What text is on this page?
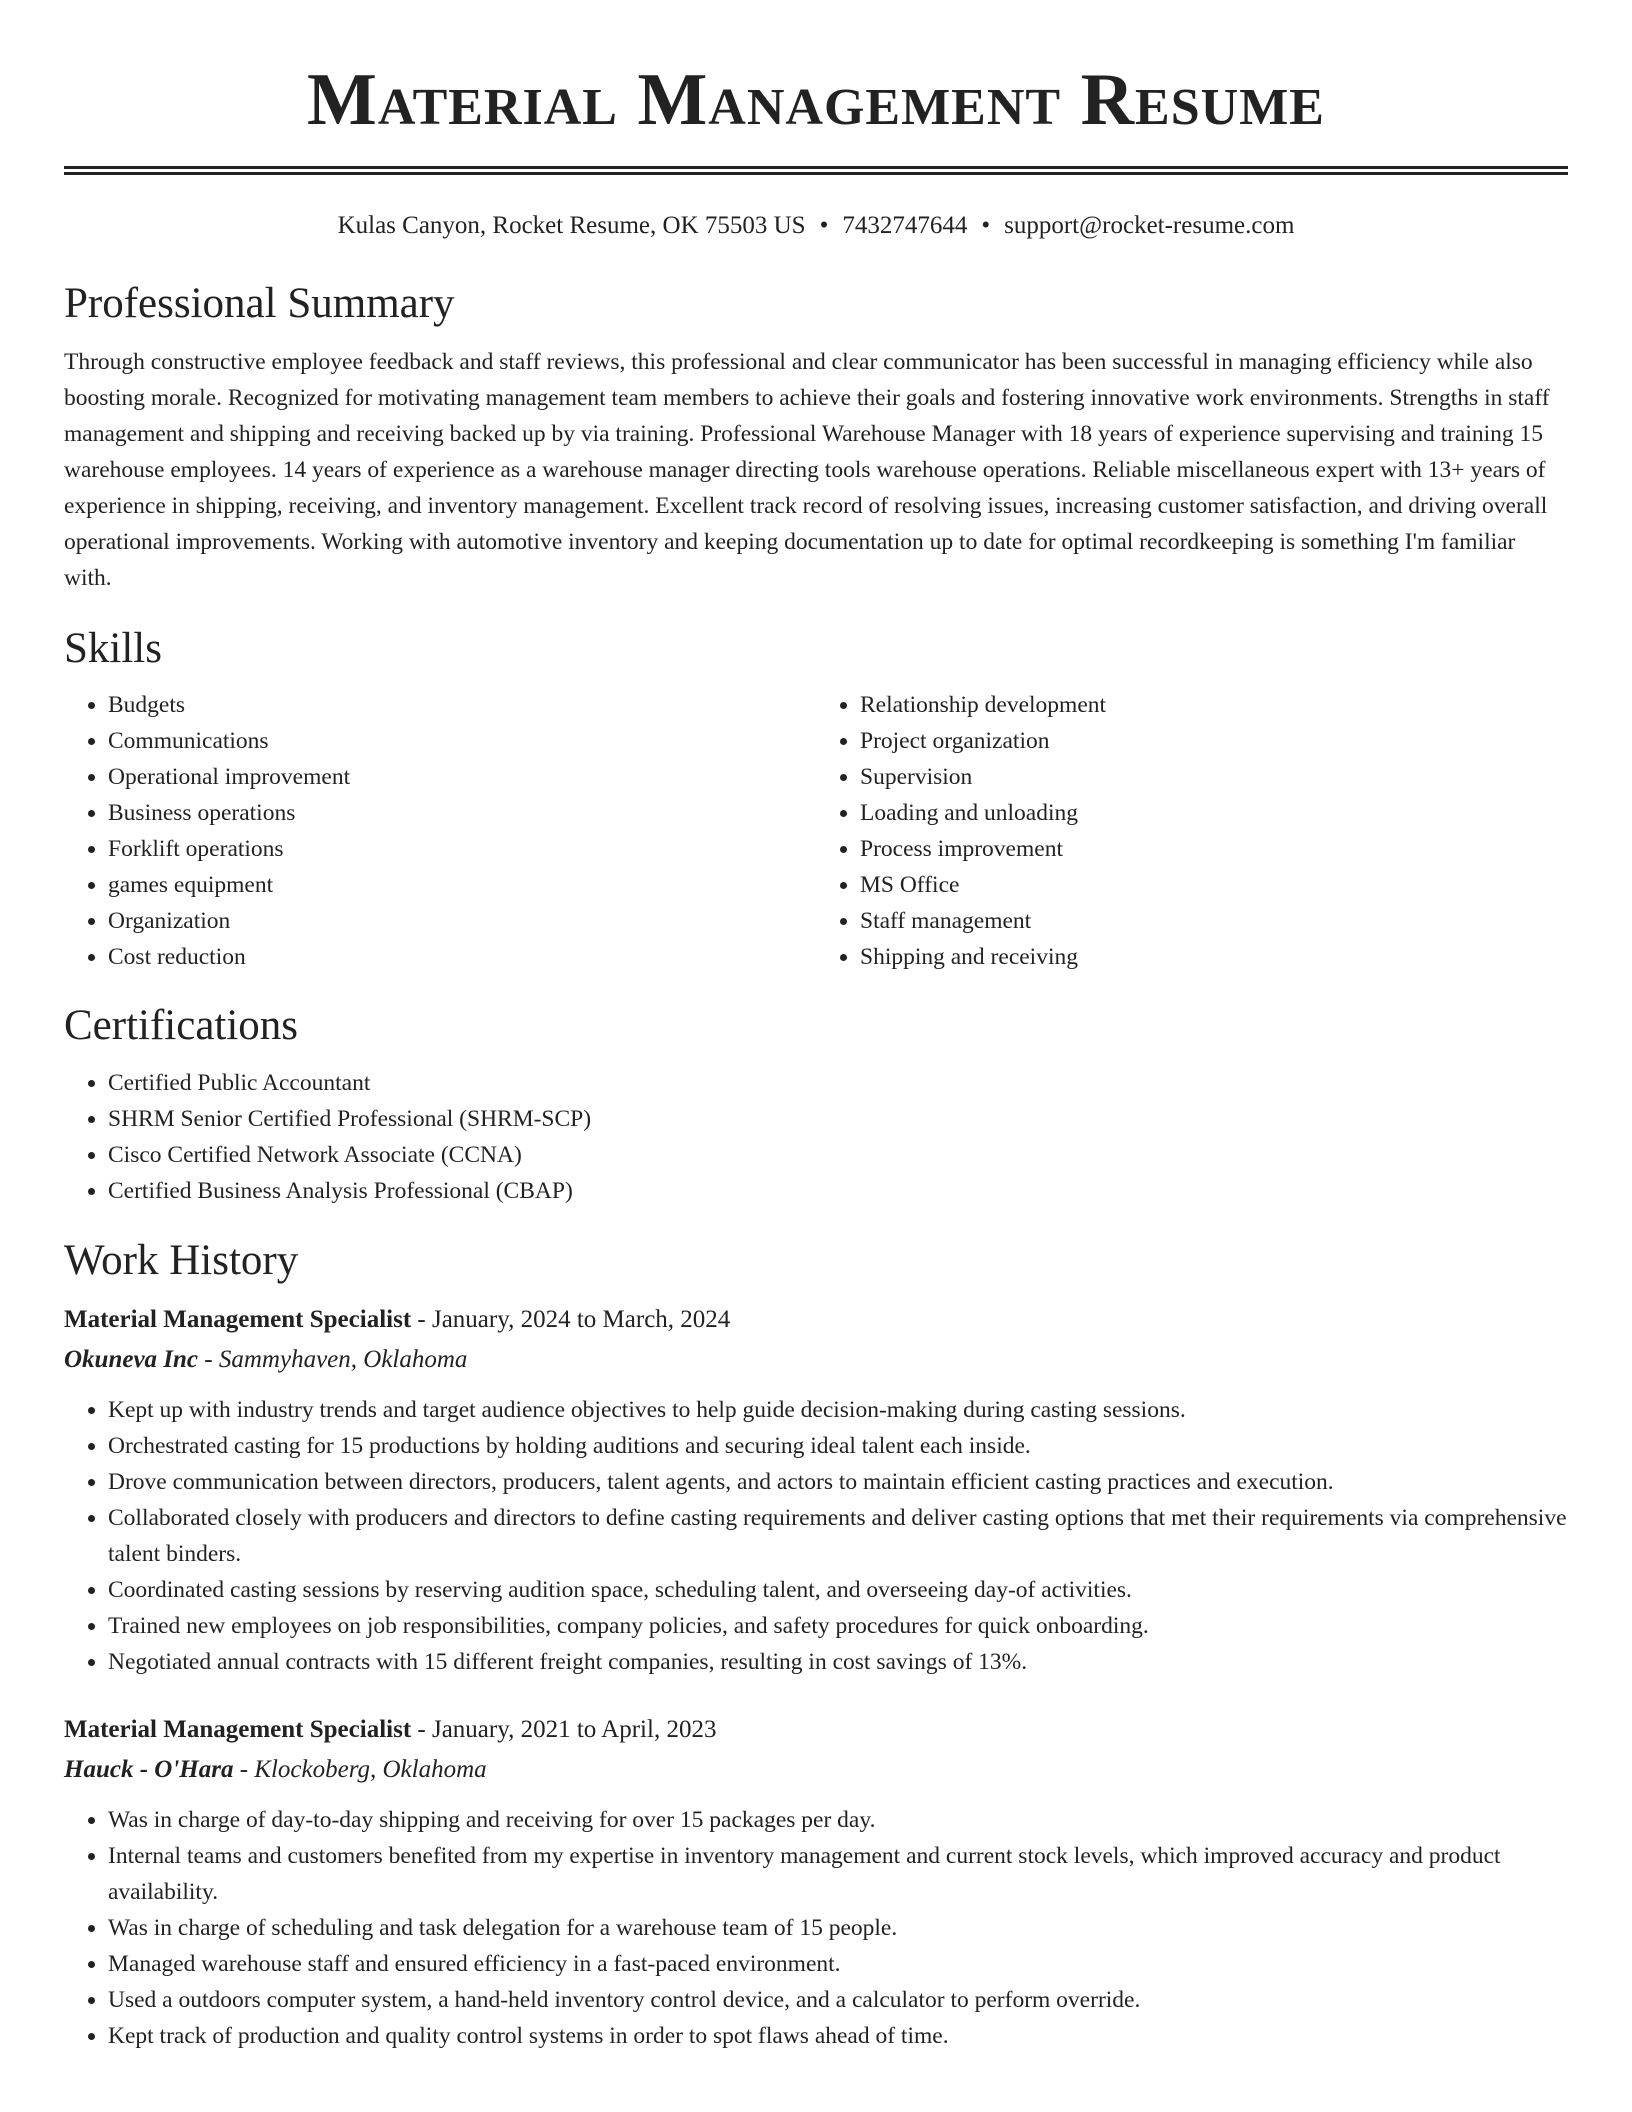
Material Management Resume
Kulas Canyon, Rocket Resume, OK 75503 US • 7432747644 • support@rocket-resume.com
Professional Summary

Through constructive employee feedback and staff reviews, this professional and clear communicator has been successful in managing efficiency while also boosting morale. Recognized for motivating management team members to achieve their goals and fostering innovative work environments. Strengths in staff management and shipping and receiving backed up by via training. Professional Warehouse Manager with 18 years of experience supervising and training 15 warehouse employees. 14 years of experience as a warehouse manager directing tools warehouse operations. Reliable miscellaneous expert with 13+ years of experience in shipping, receiving, and inventory management. Excellent track record of resolving issues, increasing customer satisfaction, and driving overall operational improvements. Working with automotive inventory and keeping documentation up to date for optimal recordkeeping is something I'm familiar with.

Skills
• Budgets
• Communications
• Operational improvement
• Business operations
• Forklift operations
• games equipment
• Organization
• Cost reduction
• Relationship development
• Project organization
• Supervision
• Loading and unloading
• Process improvement
• MS Office
• Staff management
• Shipping and receiving
Certifications
• Certified Public Accountant
• SHRM Senior Certified Professional (SHRM-SCP)
• Cisco Certified Network Associate (CCNA)
• Certified Business Analysis Professional (CBAP)
Work History
Material Management Specialist - January, 2024 to March, 2024
Okuneva Inc - Sammyhaven, Oklahoma
• Kept up with industry trends and target audience objectives to help guide decision-making during casting sessions.
• Orchestrated casting for 15 productions by holding auditions and securing ideal talent each inside.
• Drove communication between directors, producers, talent agents, and actors to maintain efficient casting practices and execution.
• Collaborated closely with producers and directors to define casting requirements and deliver casting options that met their requirements via comprehensive talent binders.
• Coordinated casting sessions by reserving audition space, scheduling talent, and overseeing day-of activities.
• Trained new employees on job responsibilities, company policies, and safety procedures for quick onboarding.
• Negotiated annual contracts with 15 different freight companies, resulting in cost savings of 13%.
Material Management Specialist - January, 2021 to April, 2023
Hauck - O'Hara - Klockoberg, Oklahoma
• Was in charge of day-to-day shipping and receiving for over 15 packages per day.
• Internal teams and customers benefited from my expertise in inventory management and current stock levels, which improved accuracy and product availability.
• Was in charge of scheduling and task delegation for a warehouse team of 15 people.
• Managed warehouse staff and ensured efficiency in a fast-paced environment.
• Used a outdoors computer system, a hand-held inventory control device, and a calculator to perform override.
• Kept track of production and quality control systems in order to spot flaws ahead of time.
